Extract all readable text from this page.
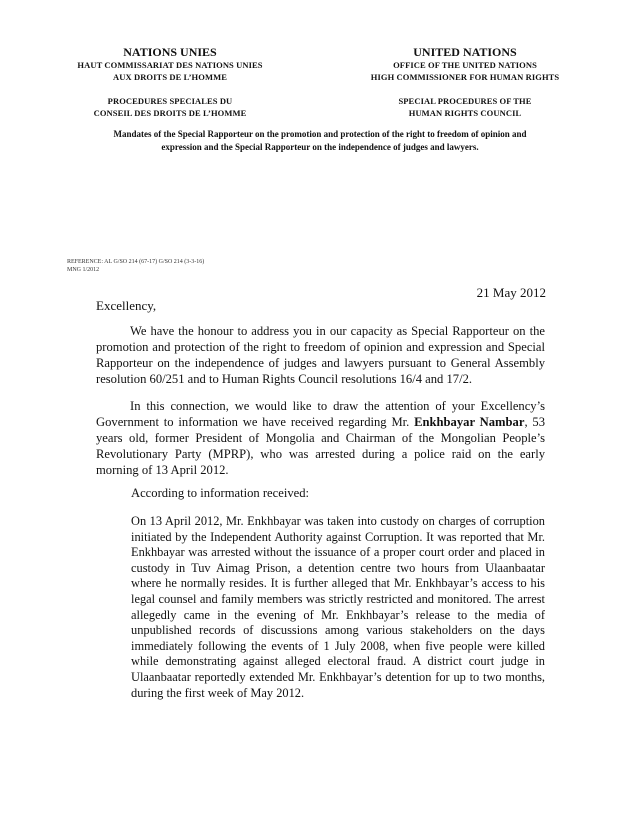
NATIONS UNIES
HAUT COMMISSARIAT DES NATIONS UNIES
AUX DROITS DE L’HOMME
PROCEDURES SPECIALES DU
CONSEIL DES DROITS DE L’HOMME
UNITED NATIONS
OFFICE OF THE UNITED NATIONS
HIGH COMMISSIONER FOR HUMAN RIGHTS
SPECIAL PROCEDURES OF THE
HUMAN RIGHTS COUNCIL
Mandates of the Special Rapporteur on the promotion and protection of the right to freedom of opinion and expression and the Special Rapporteur on the independence of judges and lawyers.
REFERENCE: AL G/SO 214 (67-17) G/SO 214 (3-3-16)
MNG 1/2012
21 May 2012
Excellency,
We have the honour to address you in our capacity as Special Rapporteur on the promotion and protection of the right to freedom of opinion and expression and Special Rapporteur on the independence of judges and lawyers pursuant to General Assembly resolution 60/251 and to Human Rights Council resolutions 16/4 and 17/2.
In this connection, we would like to draw the attention of your Excellency’s Government to information we have received regarding Mr. Enkhbayar Nambar, 53 years old, former President of Mongolia and Chairman of the Mongolian People’s Revolutionary Party (MPRP), who was arrested during a police raid on the early morning of 13 April 2012.
According to information received:
On 13 April 2012, Mr. Enkhbayar was taken into custody on charges of corruption initiated by the Independent Authority against Corruption. It was reported that Mr. Enkhbayar was arrested without the issuance of a proper court order and placed in custody in Tuv Aimag Prison, a detention centre two hours from Ulaanbaatar where he normally resides. It is further alleged that Mr. Enkhbayar’s access to his legal counsel and family members was strictly restricted and monitored. The arrest allegedly came in the evening of Mr. Enkhbayar’s release to the media of unpublished records of discussions among various stakeholders on the days immediately following the events of 1 July 2008, when five people were killed while demonstrating against alleged electoral fraud. A district court judge in Ulaanbaatar reportedly extended Mr. Enkhbayar’s detention for up to two months, during the first week of May 2012.
